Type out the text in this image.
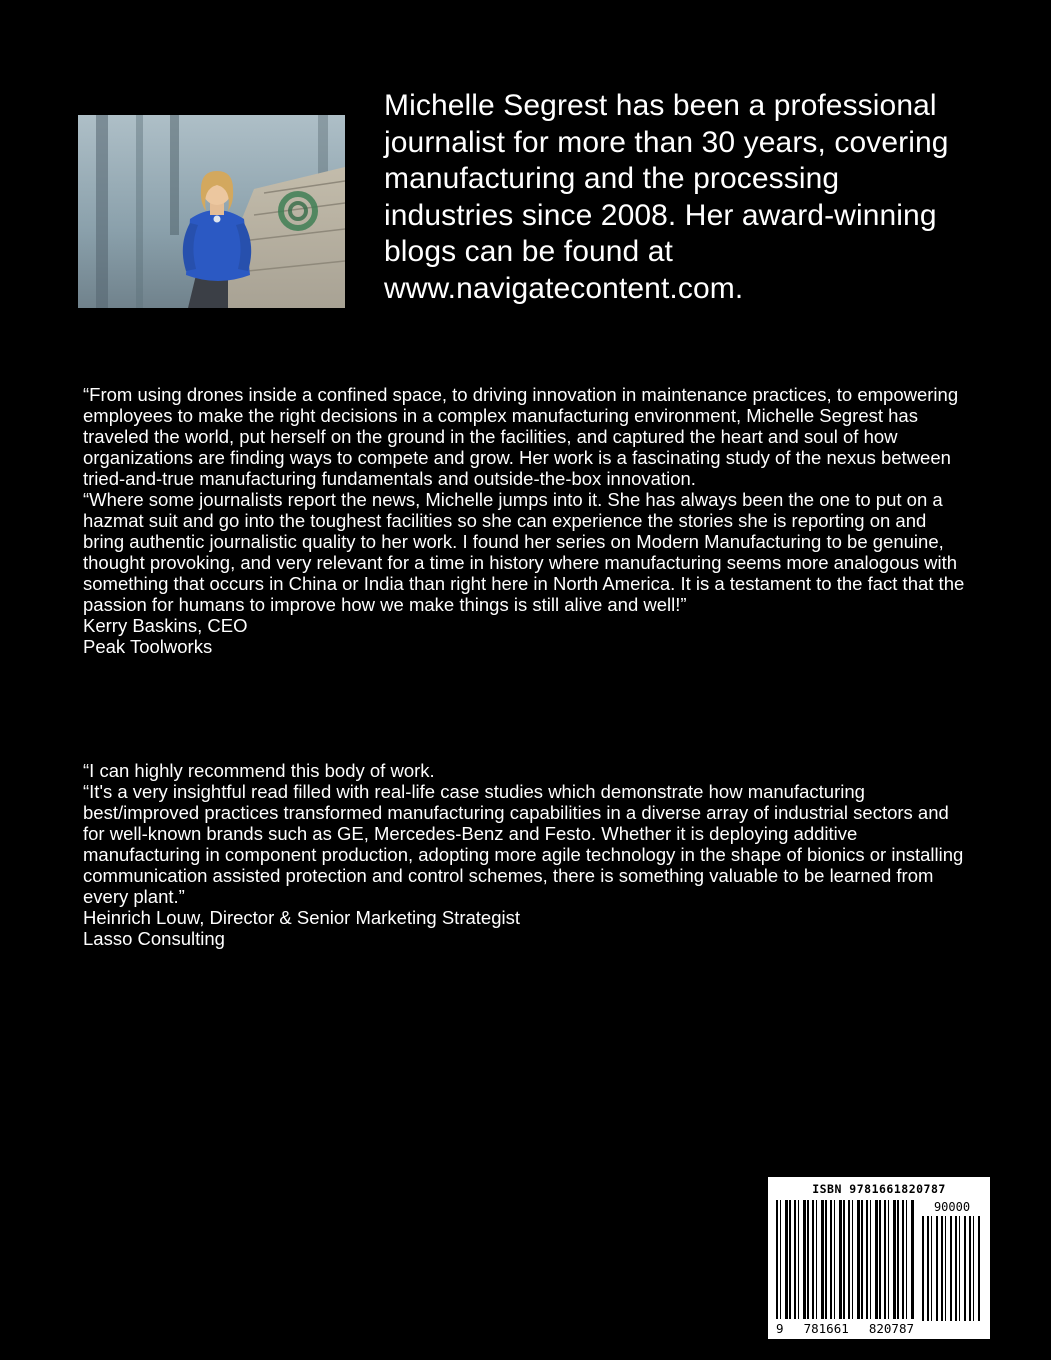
Michelle Segrest has been a professional journalist for more than 30 years, covering manufacturing and the processing industries since 2008. Her award-winning blogs can be found at www.navigatecontent.com.

“From using drones inside a confined space, to driving innovation in maintenance practices, to empowering employees to make the right decisions in a complex manufacturing environment, Michelle Segrest has traveled the world, put herself on the ground in the facilities, and captured the heart and soul of how organizations are finding ways to compete and grow. Her work is a fascinating study of the nexus between tried-and-true manufacturing fundamentals and outside-the-box innovation.

“Where some journalists report the news, Michelle jumps into it. She has always been the one to put on a hazmat suit and go into the toughest facilities so she can experience the stories she is reporting on and bring authentic journalistic quality to her work. I found her series on Modern Manufacturing to be genuine, thought provoking, and very relevant for a time in history where manufacturing seems more analogous with something that occurs in China or India than right here in North America. It is a testament to the fact that the passion for humans to improve how we make things is still alive and well!”

Kerry Baskins, CEO

Peak Toolworks

“I can highly recommend this body of work.

“It's a very insightful read filled with real-life case studies which demonstrate how manufacturing best/improved practices transformed manufacturing capabilities in a diverse array of industrial sectors and for well-known brands such as GE, Mercedes-Benz and Festo. Whether it is deploying additive manufacturing in component production, adopting more agile technology in the shape of bionics or installing communication assisted protection and control schemes, there is something valuable to be learned from every plant.”

Heinrich Louw, Director & Senior Marketing Strategist

Lasso Consulting

ISBN 9781661820787
9 781661 820787
90000
